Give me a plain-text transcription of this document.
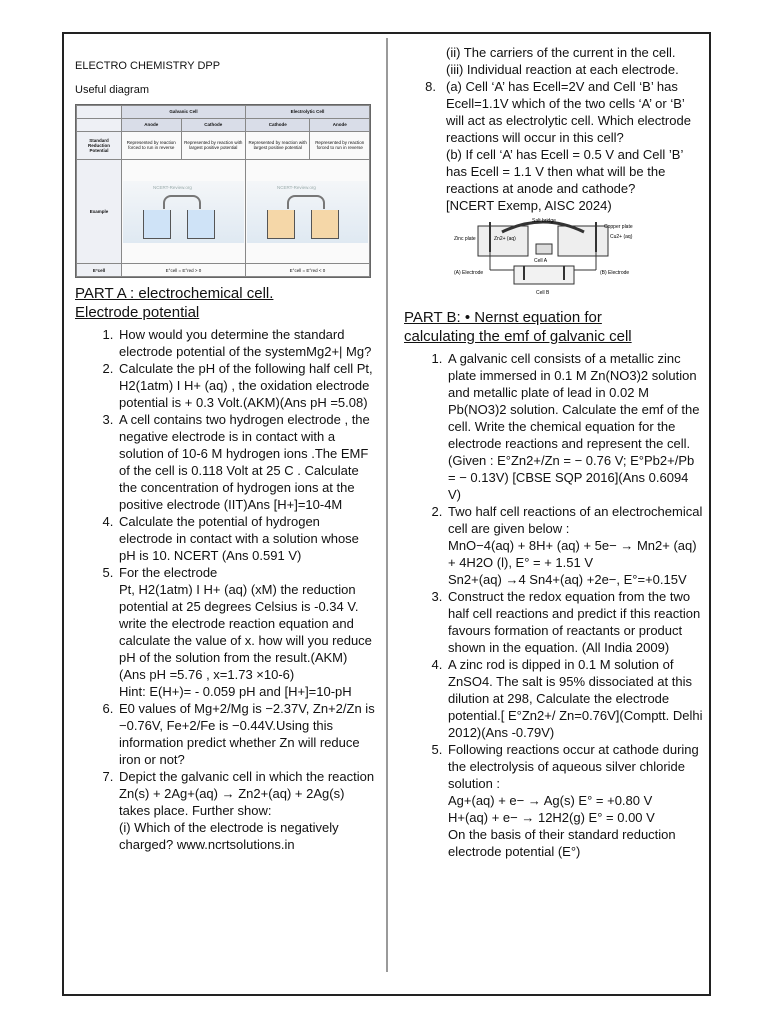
ELECTRO CHEMISTRY DPP
Useful diagram
	Galvanic Cell		Electrolytic Cell	
	Anode	Cathode	Cathode	Anode
Standard Reduction Potential	Represented by reaction forced to run in reverse	Represented by reaction with largest positive potential	Represented by reaction with largest positive potential	Represented by reaction forced to run in reverse
Example	NCERT-Review.org		NCERT-Review.org	

E°cell	E°cell = E°red > 0		E°cell = E°red < 0	
PART A : electrochemical cell.
Electrode potential
1. How would you determine the standard electrode potential of the systemMg2+| Mg?
2. Calculate the pH of the following half cell Pt, H2(1atm) I H+ (aq) , the oxidation electrode potential is + 0.3 Volt.(AKM)(Ans pH =5.08)
3. A cell contains two hydrogen electrode , the negative electrode is in contact with a solution of 10-6 M hydrogen ions .The EMF of the cell is 0.118 Volt at 25 C . Calculate the concentration of hydrogen ions at the positive electrode (IIT)Ans [H+]=10-4M
4. Calculate the potential of hydrogen electrode in contact with a solution whose pH is 10. NCERT (Ans 0.591 V)
5. For the electrode
Pt, H2(1atm) I H+ (aq) (xM) the reduction potential at 25 degrees Celsius is -0.34 V. write the electrode reaction equation and calculate the value of x. how will you reduce pH of the solution from the result.(AKM)
(Ans pH =5.76 , x=1.73 ×10-6)
Hint: E(H+)= - 0.059 pH and [H+]=10-pH
6. E0 values of Mg+2/Mg is −2.37V, Zn+2/Zn is −0.76V, Fe+2/Fe is −0.44V.Using this information predict whether Zn will reduce iron or not?
7. Depict the galvanic cell in which the reaction
Zn(s) + 2Ag+(aq) → Zn2+(aq) + 2Ag(s) takes place. Further show:
(i) Which of the electrode is negatively charged? www.ncrtsolutions.in
(ii) The carriers of the current in the cell.
(iii) Individual reaction at each electrode.
8. (a) Cell ‘A’ has Ecell=2V and Cell ‘B’ has Ecell=1.1V which of the two cells ‘A’ or ‘B’ will act as electrolytic cell. Which electrode reactions will occur in this cell?
(b) If cell ‘A’ has Ecell = 0.5 V and Cell ’B’ has Ecell = 1.1 V then what will be the reactions at anode and cathode?
[NCERT Exemp, AISC 2024)
Salt bridge
Zinc plate
Copper plate
Zn2+ (aq)	Cu2+ (aq)
Cell A
Cell B
(A) Electrode	(B) Electrode
PART B: • Nernst equation for
calculating the emf of galvanic cell
1. A galvanic cell consists of a metallic zinc plate immersed in 0.1 M Zn(NO3)2 solution and metallic plate of lead in 0.02 M Pb(NO3)2 solution. Calculate the emf of the cell. Write the chemical equation for the electrode reactions and represent the cell. (Given : E°Zn2+/Zn = − 0.76 V; E°Pb2+/Pb = − 0.13V) [CBSE SQP 2016](Ans 0.6094 V)
2. Two half cell reactions of an electrochemical cell are given below :
MnO−4(aq) + 8H+ (aq) + 5e− → Mn2+ (aq) + 4H2O (l), E° = + 1.51 V
Sn2+(aq) →4 Sn4+(aq) +2e−, E°=+0.15V
3. Construct the redox equation from the two half cell reactions and predict if this reaction favours formation of reactants or product shown in the equation. (All India 2009)
4. A zinc rod is dipped in 0.1 M solution of ZnSO4. The salt is 95% dissociated at this dilution at 298, Calculate the electrode potential.[ E°Zn2+/ Zn=0.76V](Comptt. Delhi 2012)(Ans -0.79V)
5. Following reactions occur at cathode during the electrolysis of aqueous silver chloride solution :
Ag+(aq) + e− → Ag(s) E° = +0.80 V
H+(aq) + e− → 12H2(g) E° = 0.00 V
On the basis of their standard reduction electrode potential (E°)
